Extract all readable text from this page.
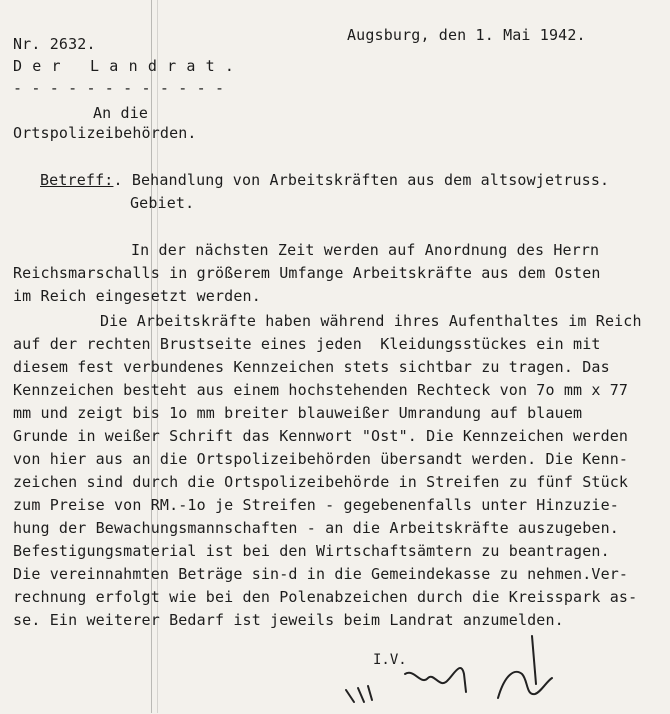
Nr. 2632.	Augsburg, den 1. Mai 1942.
D e r   L a n d r a t .
- - - - - - - - - - - -
An die
Ortspolizeibehörden.
Betreff:. Behandlung von Arbeitskräften aus dem altsowjetruss.
Gebiet.
In der nächsten Zeit werden auf Anordnung des Herrn
Reichsmarschalls in größerem Umfange Arbeitskräfte aus dem Osten
im Reich eingesetzt werden.
Die Arbeitskräfte haben während ihres Aufenthaltes im Reich
auf der rechten Brustseite eines jeden  Kleidungsstückes ein mit
diesem fest verbundenes Kennzeichen stets sichtbar zu tragen. Das
Kennzeichen besteht aus einem hochstehenden Rechteck von 7o mm x 77
mm und zeigt bis 1o mm breiter blauweißer Umrandung auf blauem
Grunde in weißer Schrift das Kennwort "Ost". Die Kennzeichen werden
von hier aus an die Ortspolizeibehörden übersandt werden. Die Kenn-
zeichen sind durch die Ortspolizeibehörde in Streifen zu fünf Stück
zum Preise von RM.-1o je Streifen - gegebenenfalls unter Hinzuzie-
hung der Bewachungsmannschaften - an die Arbeitskräfte auszugeben.
Befestigungsmaterial ist bei den Wirtschaftsämtern zu beantragen.
Die vereinnahmten Beträge sin-d in die Gemeindekasse zu nehmen.Ver-
rechnung erfolgt wie bei den Polenabzeichen durch die Kreisspark as-
se. Ein weiterer Bedarf ist jeweils beim Landrat anzumelden.
I.V.
